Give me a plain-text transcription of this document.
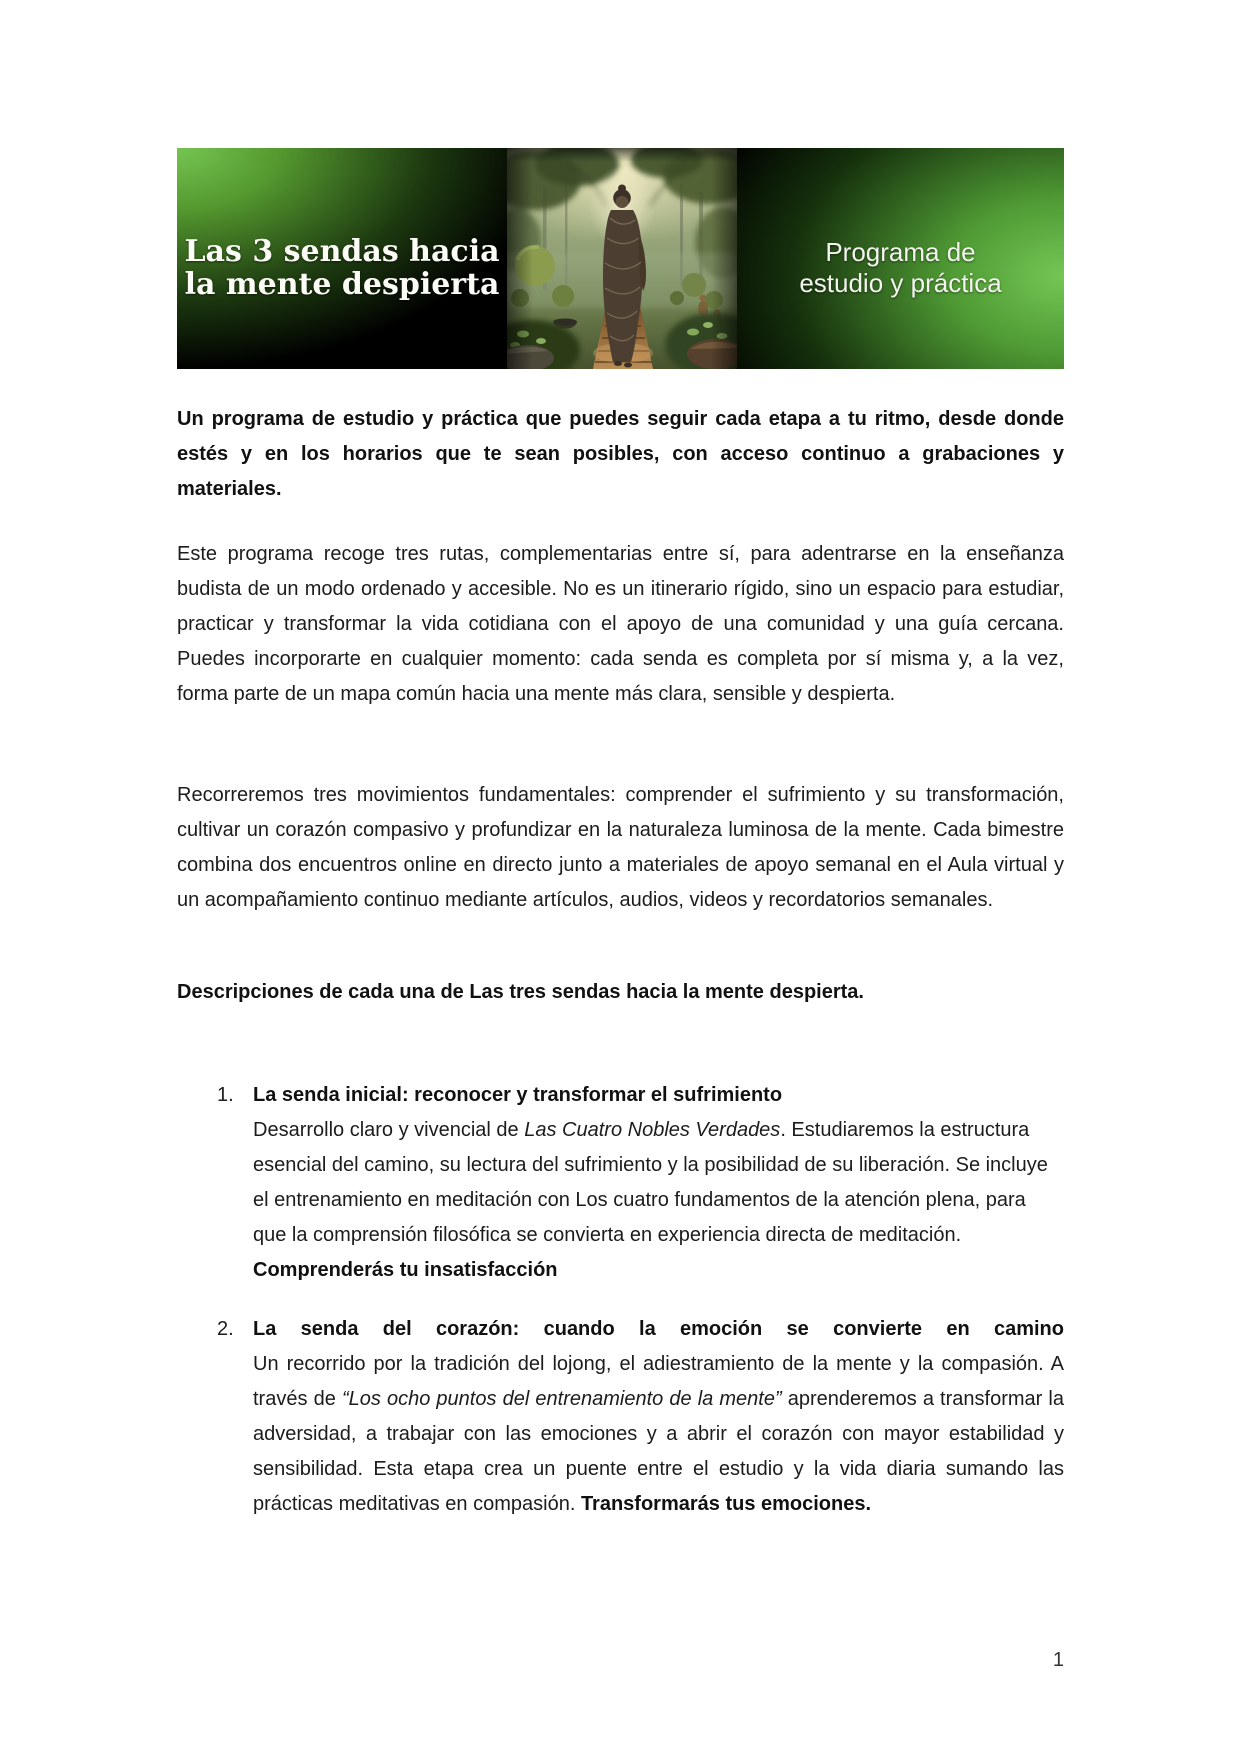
Las 3 sendas hacia
la mente despierta
Programa de
estudio y práctica

Un programa de estudio y práctica que puedes seguir cada etapa a tu ritmo, desde donde estés y en los horarios que te sean posibles, con acceso continuo a grabaciones y materiales.

Este programa recoge tres rutas, complementarias entre sí, para adentrarse en la enseñanza budista de un modo ordenado y accesible. No es un itinerario rígido, sino un espacio para estudiar, practicar y transformar la vida cotidiana con el apoyo de una comunidad y una guía cercana. Puedes incorporarte en cualquier momento: cada senda es completa por sí misma y, a la vez, forma parte de un mapa común hacia una mente más clara, sensible y despierta.

Recorreremos tres movimientos fundamentales: comprender el sufrimiento y su transformación, cultivar un corazón compasivo y profundizar en la naturaleza luminosa de la mente. Cada bimestre combina dos encuentros online en directo junto a materiales de apoyo semanal en el Aula virtual y un acompañamiento continuo mediante artículos, audios, videos y recordatorios semanales.

Descripciones de cada una de Las tres sendas hacia la mente despierta.
1. La senda inicial: reconocer y transformar el sufrimiento
Desarrollo claro y vivencial de Las Cuatro Nobles Verdades. Estudiaremos la estructura esencial del camino, su lectura del sufrimiento y la posibilidad de su liberación. Se incluye el entrenamiento en meditación con Los cuatro fundamentos de la atención plena, para que la comprensión filosófica se convierta en experiencia directa de meditación. Comprenderás tu insatisfacción
2. La senda del corazón: cuando la emoción se convierte en camino
Un recorrido por la tradición del lojong, el adiestramiento de la mente y la compasión. A través de “Los ocho puntos del entrenamiento de la mente” aprenderemos a transformar la adversidad, a trabajar con las emociones y a abrir el corazón con mayor estabilidad y sensibilidad. Esta etapa crea un puente entre el estudio y la vida diaria sumando las prácticas meditativas en compasión. Transformarás tus emociones.
1
